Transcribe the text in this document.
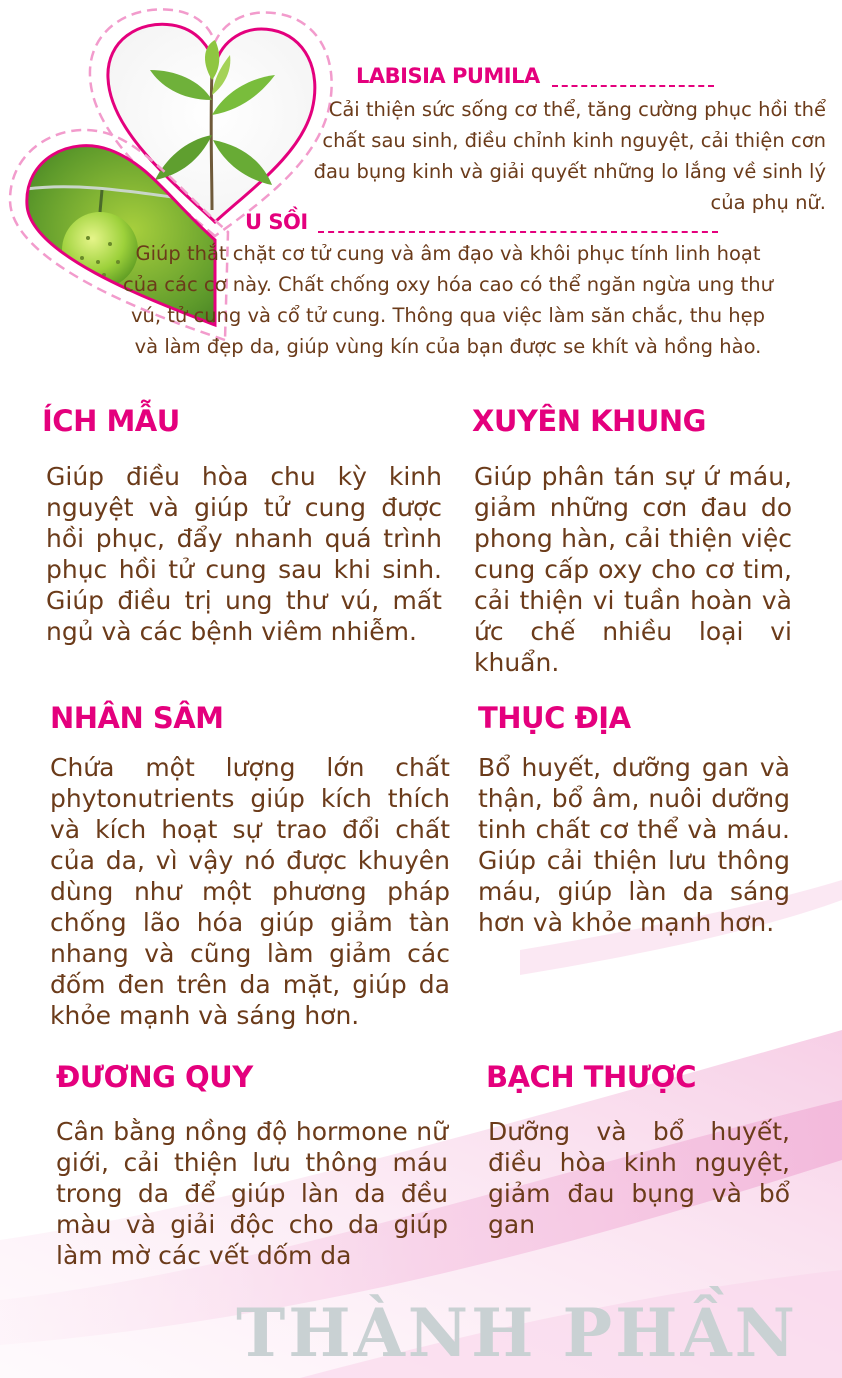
LABISIA PUMILA

Cải thiện sức sống cơ thể, tăng cường phục hồi thể chất sau sinh, điều chỉnh kinh nguyệt, cải thiện cơn đau bụng kinh và giải quyết những lo lắng về sinh lý của phụ nữ.

U SỒI

Giúp thắt chặt cơ tử cung và âm đạo và khôi phục tính linh hoạt của các cơ này. Chất chống oxy hóa cao có thể ngăn ngừa ung thư vú, tử cung và cổ tử cung. Thông qua việc làm săn chắc, thu hẹp và làm đẹp da, giúp vùng kín của bạn được se khít và hồng hào.

ÍCH MẪU

Giúp điều hòa chu kỳ kinh nguyệt và giúp tử cung được hồi phục, đẩy nhanh quá trình phục hồi tử cung sau khi sinh. Giúp điều trị ung thư vú, mất ngủ và các bệnh viêm nhiễm.

XUYÊN KHUNG

Giúp phân tán sự ứ máu, giảm những cơn đau do phong hàn, cải thiện việc cung cấp oxy cho cơ tim, cải thiện vi tuần hoàn và ức chế nhiều loại vi khuẩn.

NHÂN SÂM

Chứa một lượng lớn chất phytonutrients giúp kích thích và kích hoạt sự trao đổi chất của da, vì vậy nó được khuyên dùng như một phương pháp chống lão hóa giúp giảm tàn nhang và cũng làm giảm các đốm đen trên da mặt, giúp da khỏe mạnh và sáng hơn.

THỤC ĐỊA

Bổ huyết, dưỡng gan và thận, bổ âm, nuôi dưỡng tinh chất cơ thể và máu. Giúp cải thiện lưu thông máu, giúp làn da sáng hơn và khỏe mạnh hơn.

ĐƯƠNG QUY

Cân bằng nồng độ hormone nữ giới, cải thiện lưu thông máu trong da để giúp làn da đều màu và giải độc cho da giúp làm mờ các vết dốm da

BẠCH THƯỢC

Dưỡng và bổ huyết, điều hòa kinh nguyệt, giảm đau bụng và bổ gan

THÀNH PHẦN
